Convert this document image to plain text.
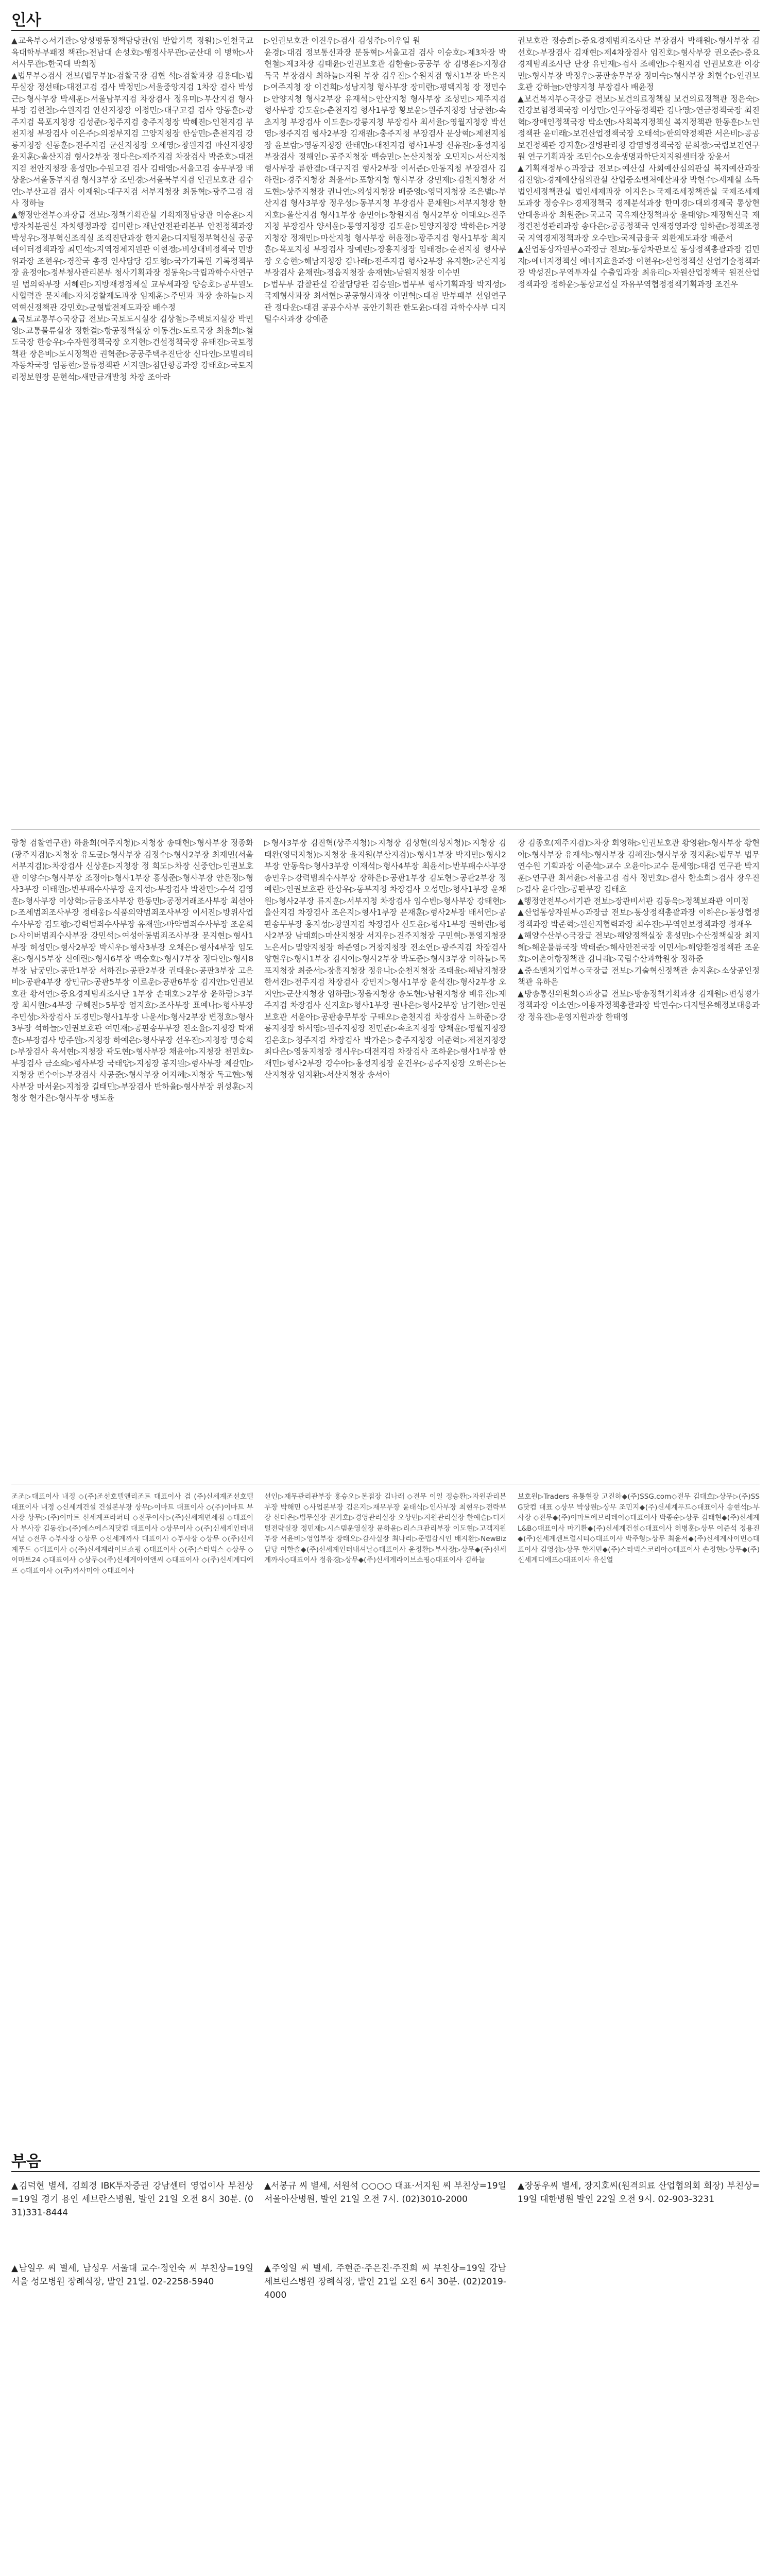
인사
▲교육부◇서기관▷양성평등정책담당관(임 반압기록 정원)▷인천국교육대학부부패정 책관▷전남대 손성호▷행정사무관▷군산대 이 병학▷사서사무관▷한국대 박희정
▲법무부◇검사 전보(법무부)▷검찰국장 김현 석▷검찰과장 김용대▷법무실장 정선태▷대전고검 검사 박정민▷서울중앙지검 1차장 검사 박성근▷형사부장 박세훈▷서울남부지검 차장검사 정유미▷부산지검 형사부장 김현철▷수원지검 안산지청장 이정민▷대구고검 검사 양동훈▷광주지검 목포지청장 김성준▷청주지검 충주지청장 박혜진▷인천지검 부천지청 부장검사 이은주▷의정부지검 고양지청장 한상민▷춘천지검 강릉지청장 신동훈▷전주지검 군산지청장 오세영▷창원지검 마산지청장 윤지훈▷울산지검 형사2부장 정다은▷제주지검 차장검사 박준호▷대전지검 천안지청장 홍성민▷수원고검 검사 김태영▷서울고검 송무부장 배상윤▷서울동부지검 형사3부장 조민경▷서울북부지검 인권보호관 김수연▷부산고검 검사 이재원▷대구지검 서부지청장 최동혁▷광주고검 검사 정하늘
▲행정안전부◇과장급 전보▷정책기획관실 기획재정담당관 이승훈▷지방자치분권실 자치행정과장 김미란▷재난안전관리본부 안전정책과장 박성우▷정부혁신조직실 조직진단과장 한지윤▷디지털정부혁신실 공공데이터정책과장 최민석▷지역경제지원관 이현정▷비상대비정책국 민방위과장 조현우▷경찰국 총경 인사담당 김도형▷국가기록원 기록정책부장 윤정아▷정부청사관리본부 청사기획과장 정동욱▷국립과학수사연구원 법의학부장 서혜린▷지방재정경제실 교부세과장 양승호▷공무원노사협력관 문지혜▷자치경찰제도과장 임재훈▷주민과 과장 송하늘▷지역혁신정책관 강민호▷균형발전제도과장 배수정
▲국토교통부◇국장급 전보▷국토도시실장 김상철▷주택토지실장 박민영▷교통물류실장 정한결▷항공정책실장 이동건▷도로국장 최윤희▷철도국장 한승우▷수자원정책국장 오지현▷건설정책국장 유태진▷국토정책관 장은비▷도시정책관 권혁준▷공공주택추진단장 신다인▷모빌리티자동차국장 임동현▷물류정책관 서지원▷첨단항공과장 강태호▷국토지리정보원장 문현석▷새만금개발청 차장 조아라
▷인권보호관 이진우▷검사 김성주▷이우일 원
윤경▷대검 정보통신과장 문동혁▷서울고검 검사 이승호▷제3차장 박현철▷제3차장 김태윤▷인권보호관 김한솔▷공공부 장 김명훈▷지정감독국 부장검사 최하늘▷지원 부장 김우진▷수원지검 형사1부장 박은지▷여주지청 장 이건희▷성남지청 형사부장 장미란▷평택지청 장 정민수▷안양지청 형사2부장 유재석▷안산지청 형사부장 조성민▷제주지검 형사부장 강도윤▷춘천지검 형사1부장 황보윤▷원주지청장 남궁현▷속초지청 부장검사 이도훈▷강릉지청 부장검사 최서율▷영월지청장 박선영▷청주지검 형사2부장 김재원▷충주지청 부장검사 문상혁▷제천지청장 윤보람▷영동지청장 한태민▷대전지검 형사1부장 신유진▷홍성지청 부장검사 정해인▷공주지청장 백승민▷논산지청장 오민지▷서산지청 형사부장 류한결▷대구지검 형사2부장 이서준▷안동지청 부장검사 김하린▷경주지청장 최윤서▷포항지청 형사부장 강민재▷김천지청장 서도현▷상주지청장 권나연▷의성지청장 배준영▷영덕지청장 조은별▷부산지검 형사3부장 정우성▷동부지청 부장검사 문채원▷서부지청장 한지호▷울산지검 형사1부장 송민아▷창원지검 형사2부장 이태오▷진주지청 부장검사 양서윤▷통영지청장 김도윤▷밀양지청장 박하은▷거창지청장 정재민▷마산지청 형사부장 허윤정▷광주지검 형사1부장 최지훈▷목포지청 부장검사 장예린▷장흥지청장 임태경▷순천지청 형사부장 오승현▷해남지청장 김나래▷전주지검 형사2부장 유지환▷군산지청 부장검사 윤채린▷정읍지청장 송재현▷남원지청장 이수빈
▷법무부 감찰관실 감찰담당관 김승원▷법무부 형사기획과장 박지성▷국제형사과장 최서현▷공공형사과장 이민혁▷대검 반부패부 선임연구관 정다운▷대검 공공수사부 공안기획관 한도윤▷대검 과학수사부 디지털수사과장 강예준
권보호관 정승희▷중요경제범죄조사단 부장검사 박해원▷형사부장 김선호▷부장검사 김재현▷제4차장검사 임진호▷형사부장 권오준▷중요경제범죄조사단 단장 유민재▷검사 조혜인▷수원지검 인권보호관 이강민▷형사부장 박정우▷공판송무부장 정미숙▷형사부장 최현수▷인권보호관 강하늘▷안양지청 부장검사 배윤정
▲보건복지부◇국장급 전보▷보건의료정책실 보건의료정책관 정은숙▷건강보험정책국장 이상민▷인구아동정책관 김나영▷연금정책국장 최진혁▷장애인정책국장 박소연▷사회복지정책실 복지정책관 한동훈▷노인정책관 윤미래▷보건산업정책국장 오태석▷한의약정책관 서은비▷공공보건정책관 강지훈▷질병관리청 감염병정책국장 문희정▷국립보건연구원 연구기획과장 조민수▷오송생명과학단지지원센터장 장윤서
▲기획재정부◇과장급 전보▷예산실 사회예산심의관실 복지예산과장 김진영▷경제예산심의관실 산업중소벤처예산과장 박현수▷세제실 소득법인세정책관실 법인세제과장 이지은▷국제조세정책관실 국제조세제도과장 정승우▷경제정책국 경제분석과장 한미경▷대외경제국 통상현안대응과장 최원준▷국고국 국유재산정책과장 윤태양▷재정혁신국 재정건전성관리과장 송다은▷공공정책국 인재경영과장 임하준▷정책조정국 지역경제정책과장 오수민▷국제금융국 외환제도과장 배준서
▲산업통상자원부◇과장급 전보▷통상차관보실 통상정책총괄과장 김민지▷에너지정책실 에너지효율과장 이현우▷산업정책실 산업기술정책과장 박성진▷무역투자실 수출입과장 최유리▷자원산업정책국 원전산업정책과장 정하윤▷통상교섭실 자유무역협정정책기획과장 조건우
랑청 검찰연구관) 하윤희(여주지청)▷지청장 송태현▷형사부장 정종화(광주지검)▷지청장 유도균▷형사부장 김정수▷형사2부장 최재민(서울서부지검)▷차장검사 신상훈▷지청장 정 희도▷차장 신중언▷인권보호관 이양수▷형사부장 조정아▷형사1부장 홍성준▷형사부장 안은정▷형사3부장 이태원▷반부패수사부장 윤지성▷부장검사 박찬민▷수석 김영훈▷형사부장 이상혁▷금융조사부장 한동민▷공정거래조사부장 최선아▷조세범죄조사부장 정태웅▷식품의약범죄조사부장 이서진▷방위사업수사부장 김도형▷강력범죄수사부장 유재원▷마약범죄수사부장 조윤희▷사이버범죄수사부장 강민석▷여성아동범죄조사부장 문지현▷형사1부장 허성민▷형사2부장 박시우▷형사3부장 오채은▷형사4부장 임도훈▷형사5부장 신예린▷형사6부장 백승호▷형사7부장 정다인▷형사8부장 남궁민▷공판1부장 서하진▷공판2부장 권태윤▷공판3부장 고은비▷공판4부장 장민규▷공판5부장 이로운▷공판6부장 김지안▷인권보호관 황서연▷중요경제범죄조사단 1부장 손태호▷2부장 윤하람▷3부장 최시원▷4부장 구혜진▷5부장 엄지호▷조사부장 표예나▷형사부장 추민성▷차장검사 도경민▷형사1부장 나윤서▷형사2부장 변정호▷형사3부장 석하늘▷인권보호관 여민재▷공판송무부장 진소율▷지청장 탁재훈▷부장검사 방주원▷지청장 하예은▷형사부장 선우진▷지청장 명승희▷부장검사 육서현▷지청장 곽도현▷형사부장 채윤아▷지청장 천민호▷부장검사 금소희▷형사부장 국태양▷지청장 봉지원▷형사부장 제갈민▷지청장 편수아▷부장검사 사공준▷형사부장 어지혜▷지청장 독고현▷형사부장 마서윤▷지청장 길태민▷부장검사 반하율▷형사부장 위성훈▷지청장 현가은▷형사부장 맹도윤
▷형사3부장 김진혁(상주지청)▷지청장 김성현(의성지청)▷지청장 김태완(영덕지청)▷지청장 윤지원(부산지검)▷형사1부장 박지민▷형사2부장 안동욱▷형사3부장 이재석▷형사4부장 최윤서▷반부패수사부장 송민우▷강력범죄수사부장 장하은▷공판1부장 김도현▷공판2부장 정예린▷인권보호관 한상우▷동부지청 차장검사 오성민▷형사1부장 윤채원▷형사2부장 류지훈▷서부지청 차장검사 임수빈▷형사부장 강태현▷울산지검 차장검사 조은지▷형사1부장 문재훈▷형사2부장 배서연▷공판송무부장 홍지성▷창원지검 차장검사 신도윤▷형사1부장 권하린▷형사2부장 남태희▷마산지청장 서지우▷진주지청장 구민혁▷통영지청장 노은서▷밀양지청장 하준영▷거창지청장 전소연▷광주지검 차장검사 양현우▷형사1부장 김시아▷형사2부장 박도준▷형사3부장 이하늘▷목포지청장 최준서▷장흥지청장 정유나▷순천지청장 조태윤▷해남지청장 한서진▷전주지검 차장검사 강민지▷형사1부장 윤석진▷형사2부장 오지안▷군산지청장 임하람▷정읍지청장 송도현▷남원지청장 배유진▷제주지검 차장검사 신지호▷형사1부장 권나은▷형사2부장 남기현▷인권보호관 서윤아▷공판송무부장 구태오▷춘천지검 차장검사 노하준▷강릉지청장 하서영▷원주지청장 전민준▷속초지청장 양채윤▷영월지청장 김은호▷청주지검 차장검사 박가은▷충주지청장 이준혁▷제천지청장 최다은▷영동지청장 정시우▷대전지검 차장검사 조하윤▷형사1부장 한재민▷형사2부장 강수아▷홍성지청장 윤건우▷공주지청장 오하은▷논산지청장 임지환▷서산지청장 송서아
장 김종호(제주지검)▷차장 회영하▷인권보호관 황영환▷형사부장 황현아▷형사부장 유재석▷형사부장 김혜진▷형사부장 정지훈▷법무부 법무연수원 기획과장 이준석▷교수 오윤아▷교수 문세영▷대검 연구관 박지훈▷연구관 최서윤▷서울고검 검사 정민호▷검사 한소희▷검사 장우진▷검사 윤다인▷공판부장 김태호
▲행정안전부◇서기관 전보▷장관비서관 김동욱▷정책보좌관 이미정
▲산업통상자원부◇과장급 전보▷통상정책총괄과장 이하은▷통상협정정책과장 박준혁▷원산지협력과장 최수진▷무역안보정책과장 정재우
▲해양수산부◇국장급 전보▷해양정책실장 홍성민▷수산정책실장 최지혜▷해운물류국장 박태준▷해사안전국장 이민서▷해양환경정책관 조윤호▷어촌어항정책관 김나래▷국립수산과학원장 정하준
▲중소벤처기업부◇국장급 전보▷기술혁신정책관 송지훈▷소상공인정책관 유하은
▲방송통신위원회◇과장급 전보▷방송정책기획과장 김재원▷편성평가정책과장 이소연▷이용자정책총괄과장 박민수▷디지털유해정보대응과장 정유진▷운영지원과장 한태영
조조▷대표이사 내정 ◇(주)조선호텔앤리조트 대표이사 겸 (주)신세계조선호텔 대표이사 내정 ◇신세계건설 건설본부장 상무▷이마트 대표이사 ◇(주)이마트 부사장 상무▷(주)이마트 신세계프라퍼티 ◇전무이사▷(주)신세계면세점 ◇대표이사 부사장 김동선▷(주)에스에스지닷컴 대표이사 ◇상무이사 ◇(주)신세계인터내셔날 ◇전무 ◇부사장 ◇상무 ◇신세계까사 대표이사 ◇부사장 ◇상무 ◇(주)신세계푸드 ◇대표이사 ◇(주)신세계라이브쇼핑 ◇대표이사 ◇(주)스타벅스 ◇상무 ◇이마트24 ◇대표이사 ◇상무◇(주)신세계아이앤씨 ◇대표이사 ◇(주)신세계디에프 ◇대표이사 ◇(주)까사미아 ◇대표이사
선인▷재무관리관부장 홍승오▷본점장 김나래 ◇전무 이일 정승환▷자원관리본부장 박해민 ◇사업본부장 김은지▷재무부장 윤태식▷인사부장 최현우▷전략부장 신다은▷법무실장 권기호▷경영관리실장 오상민▷지원관리실장 한예슬▷디지털전략실장 정민재▷시스템운영실장 문하윤▷리스크관리부장 이도현▷고객지원부장 서윤비▷영업부장 장태오▷감사실장 최나리▷준법감시인 배지환▷NewBiz담당 이한솔◆(주)신세계인터내셔날◇대표이사 윤정환▷부사장▷상무◆(주)신세계까사◇대표이사 정유경▷상무◆(주)신세계라이브쇼핑◇대표이사 김하늘
보호원▷Traders 유통현장 고진하◆(주)SSG.com◇전무 김대호▷상무▷(주)SSG닷컴 대표 ◇상무 박상원▷상무 조민지◆(주)신세계푸드◇대표이사 송현석▷부사장 ◇전무◆(주)이마트에브리데이◇대표이사 박종순▷상무 김태현◆(주)신세계L&B◇대표이사 마기환◆(주)신세계건설◇대표이사 허병훈▷상무 이준석 정용진◆(주)신세계센트럴시티◇대표이사 박주형▷상무 최윤서◆(주)신세계사이먼◇대표이사 김영섭▷상무 한지민◆(주)스타벅스코리아◇대표이사 손정현▷상무◆(주)신세계디에프◇대표이사 유신열
부음
▲김덕현 별세, 김희경 IBK투자증권 강남센터 영업이사 부친상=19일 경기 용인 세브란스병원, 발인 21일 오전 8시 30분. (031)331-8444
▲남일우 씨 별세, 남성우 서울대 교수·정인숙 씨 부친상=19일 서울 성모병원 장례식장, 발인 21일. 02-2258-5940
▲서봉규 씨 별세, 서원석 ○○○○ 대표·서지원 씨 부친상=19일 서울아산병원, 발인 21일 오전 7시. (02)3010-2000
▲주영일 씨 별세, 주현준·주은진·주진희 씨 부친상=19일 강남세브란스병원 장례식장, 발인 21일 오전 6시 30분. (02)2019-4000
▲장동우씨 별세, 장지호씨(원격의료 산업협의회 회장) 부친상=19일 대한병원 발인 22일 오전 9시. 02-903-3231
